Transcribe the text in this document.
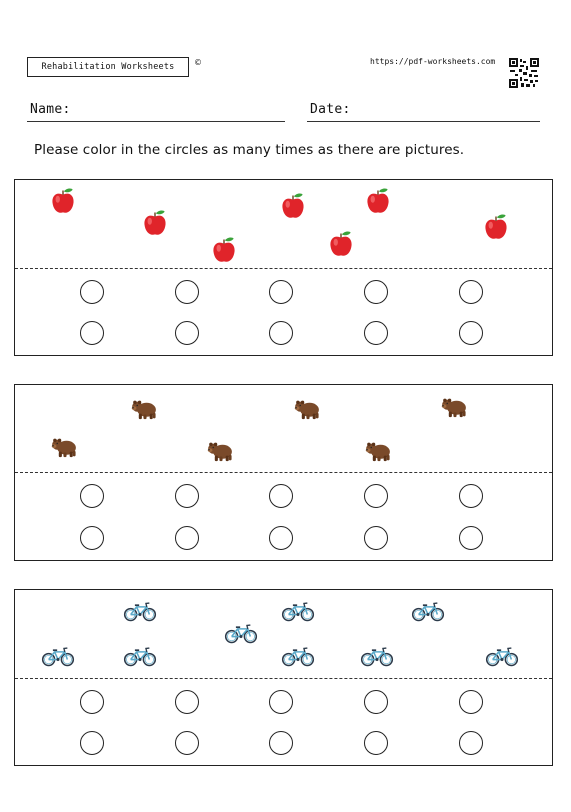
Rehabilitation Worksheets ©	https://pdf-worksheets.com
Name:	Date:
Please color in the circles as many times as there are pictures.
